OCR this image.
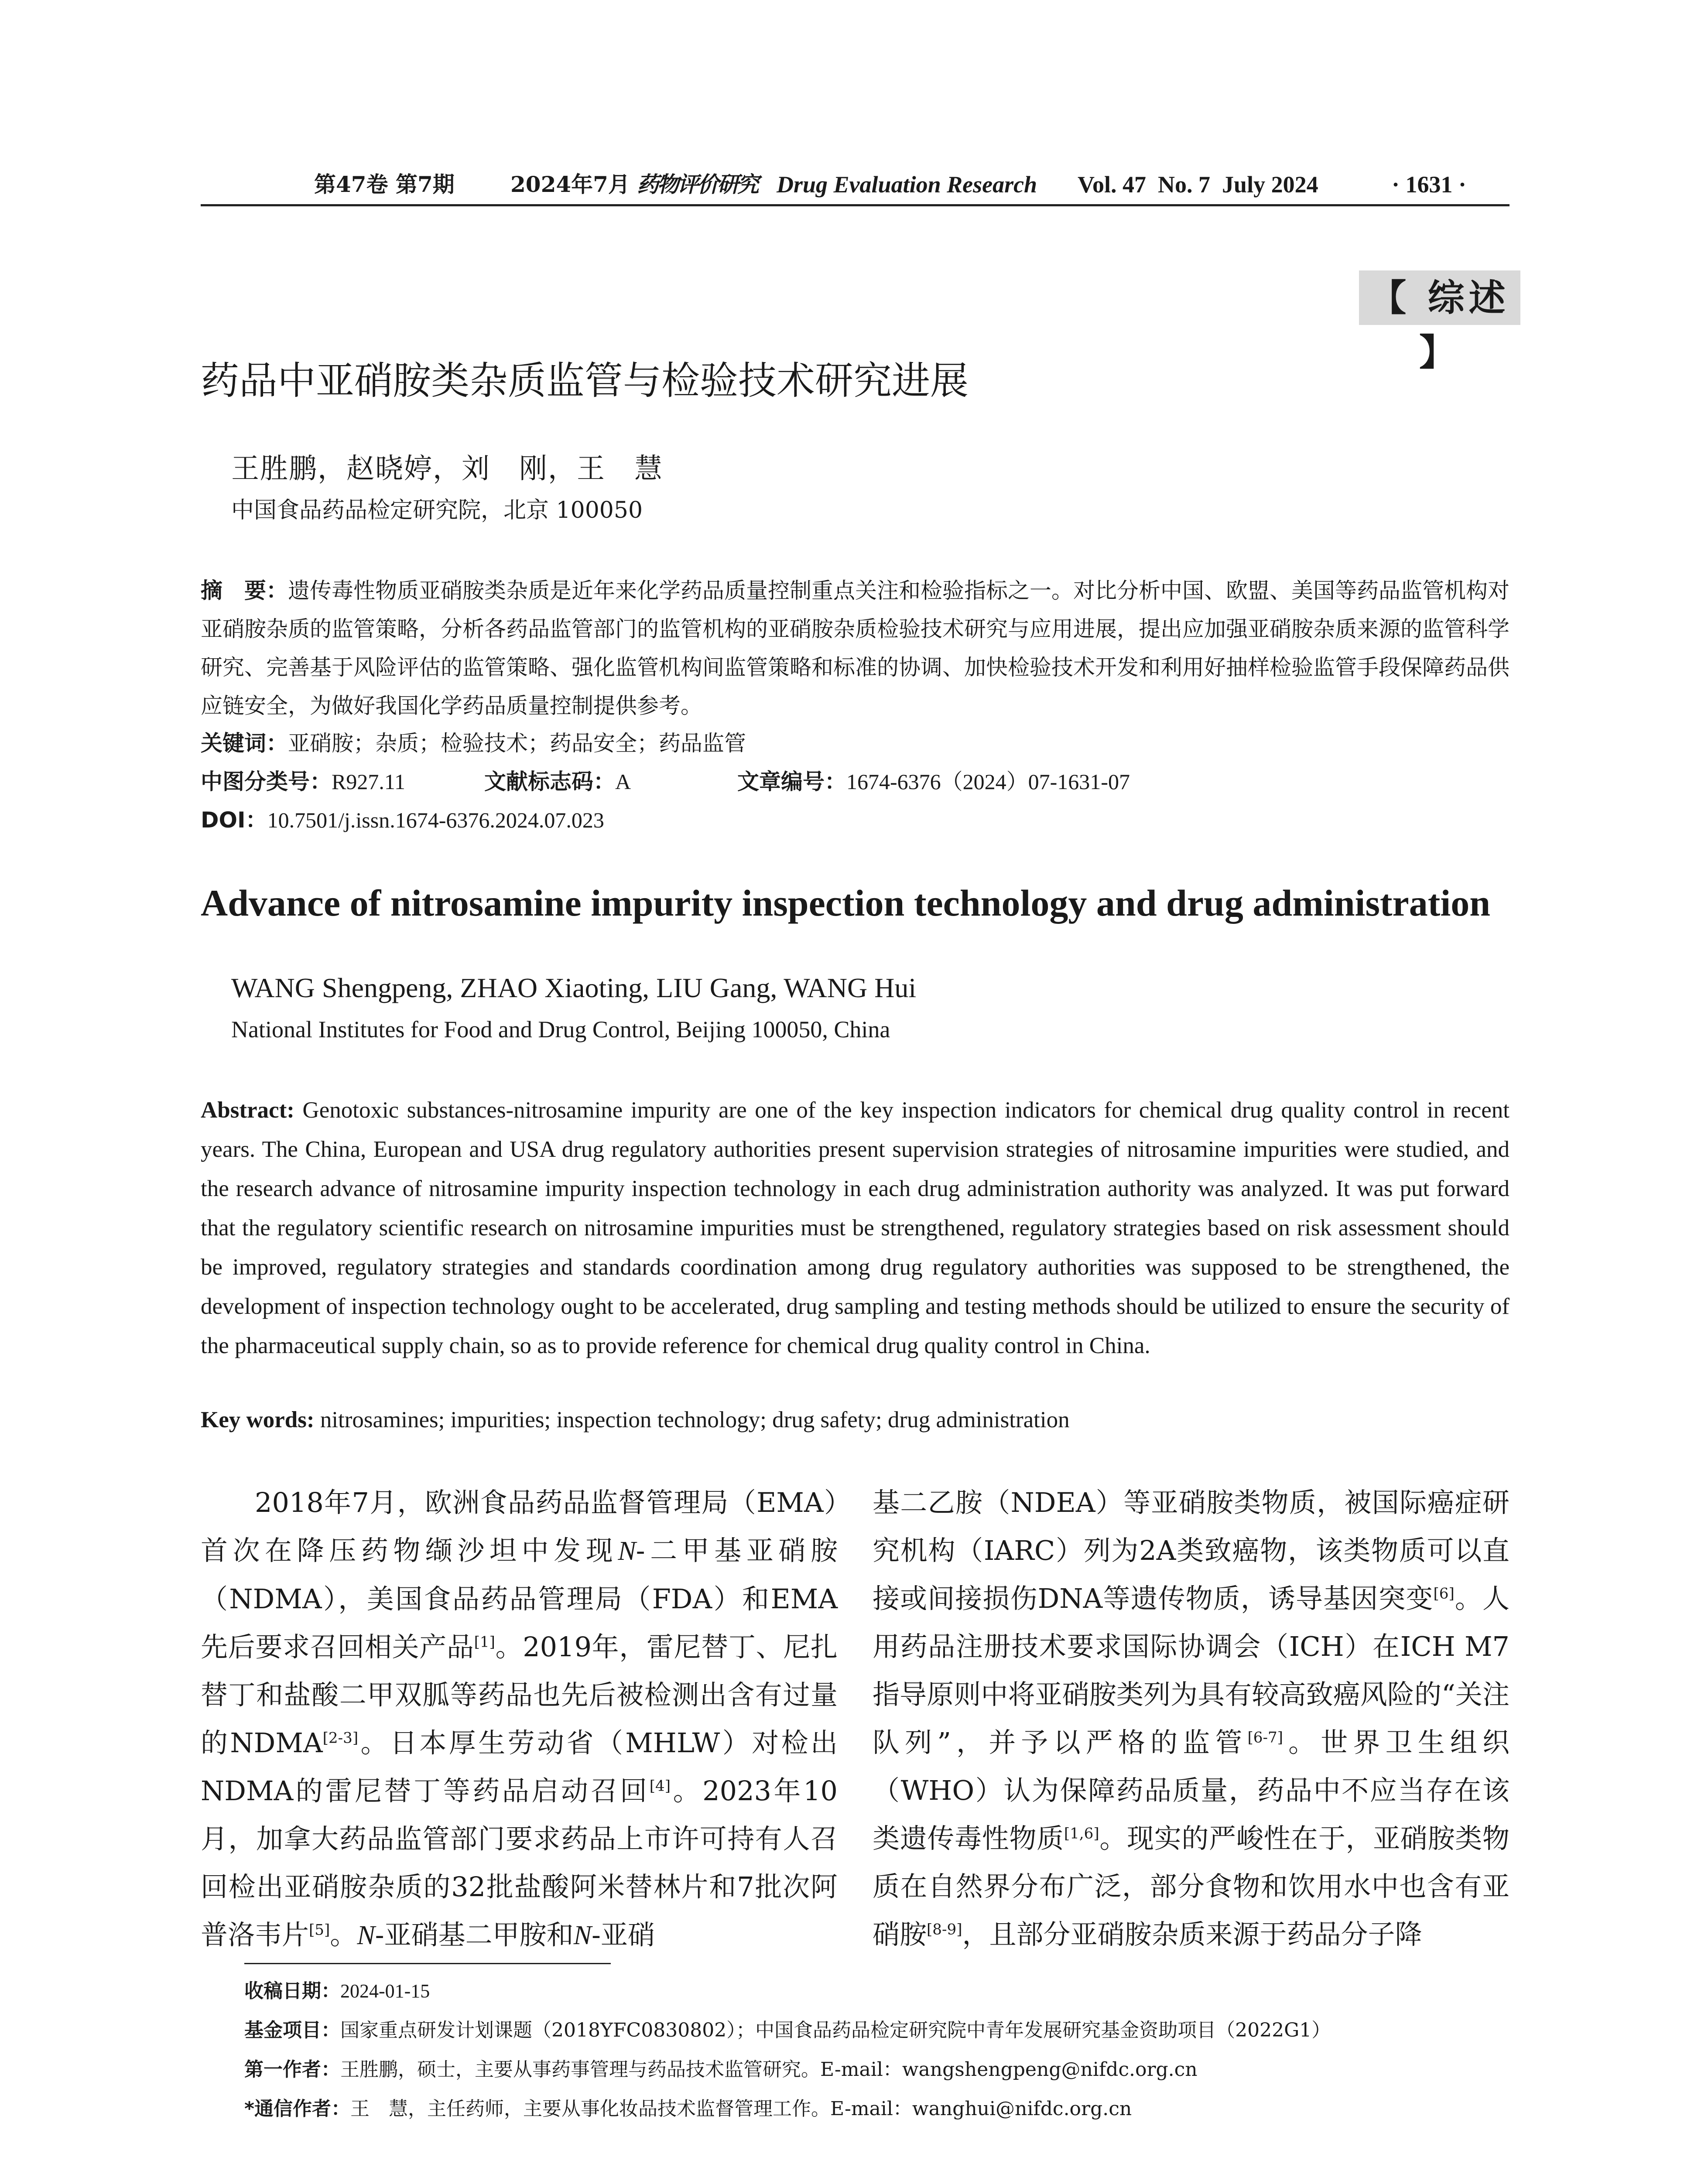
第47卷 第7期	2024年7月 药物评价研究 Drug Evaluation Research Vol. 47  No. 7  July 2024	· 1631 ·
【 综述 】
药品中亚硝胺类杂质监管与检验技术研究进展
王胜鹏，赵晓婷，刘　刚，王　慧
中国食品药品检定研究院，北京 100050
摘　要：遗传毒性物质亚硝胺类杂质是近年来化学药品质量控制重点关注和检验指标之一。对比分析中国、欧盟、美国等药品监管机构对亚硝胺杂质的监管策略，分析各药品监管部门的监管机构的亚硝胺杂质检验技术研究与应用进展，提出应加强亚硝胺杂质来源的监管科学研究、完善基于风险评估的监管策略、强化监管机构间监管策略和标准的协调、加快检验技术开发和利用好抽样检验监管手段保障药品供应链安全，为做好我国化学药品质量控制提供参考。
关键词：亚硝胺；杂质；检验技术；药品安全；药品监管
中图分类号：R927.11	文献标志码：A	文章编号：1674-6376（2024）07-1631-07
DOI：10.7501/j.issn.1674-6376.2024.07.023
Advance of nitrosamine impurity inspection technology and drug administration
WANG Shengpeng, ZHAO Xiaoting, LIU Gang, WANG Hui
National Institutes for Food and Drug Control, Beijing 100050, China
Abstract: Genotoxic substances-nitrosamine impurity are one of the key inspection indicators for chemical drug quality control in recent years. The China, European and USA drug regulatory authorities present supervision strategies of nitrosamine impurities were studied, and the research advance of nitrosamine impurity inspection technology in each drug administration authority was analyzed. It was put forward that the regulatory scientific research on nitrosamine impurities must be strengthened, regulatory strategies based on risk assessment should be improved, regulatory strategies and standards coordination among drug regulatory authorities was supposed to be strengthened, the development of inspection technology ought to be accelerated, drug sampling and testing methods should be utilized to ensure the security of the pharmaceutical supply chain, so as to provide reference for chemical drug quality control in China.
Key words: nitrosamines; impurities; inspection technology; drug safety; drug administration
2018年7月，欧洲食品药品监督管理局（EMA）首次在降压药物缬沙坦中发现N-二甲基亚硝胺（NDMA），美国食品药品管理局（FDA）和EMA先后要求召回相关产品[1]。2019年，雷尼替丁、尼扎替丁和盐酸二甲双胍等药品也先后被检测出含有过量的NDMA[2-3]。日本厚生劳动省（MHLW）对检出NDMA的雷尼替丁等药品启动召回[4]。2023年10月，加拿大药品监管部门要求药品上市许可持有人召回检出亚硝胺杂质的32批盐酸阿米替林片和7批次阿普洛韦片[5]。N-亚硝基二甲胺和N-亚硝
基二乙胺（NDEA）等亚硝胺类物质，被国际癌症研究机构（IARC）列为2A类致癌物，该类物质可以直接或间接损伤DNA等遗传物质，诱导基因突变[6]。人用药品注册技术要求国际协调会（ICH）在ICH M7指导原则中将亚硝胺类列为具有较高致癌风险的“关注队列”，并予以严格的监管[6-7]。世界卫生组织（WHO）认为保障药品质量，药品中不应当存在该类遗传毒性物质[1,6]。现实的严峻性在于，亚硝胺类物质在自然界分布广泛，部分食物和饮用水中也含有亚硝胺[8-9]，且部分亚硝胺杂质来源于药品分子降
收稿日期：2024-01-15
基金项目：国家重点研发计划课题（2018YFC0830802）；中国食品药品检定研究院中青年发展研究基金资助项目（2022G1）
第一作者：王胜鹏，硕士，主要从事药事管理与药品技术监管研究。E-mail：wangshengpeng@nifdc.org.cn
*通信作者：王　慧，主任药师，主要从事化妆品技术监督管理工作。E-mail：wanghui@nifdc.org.cn
